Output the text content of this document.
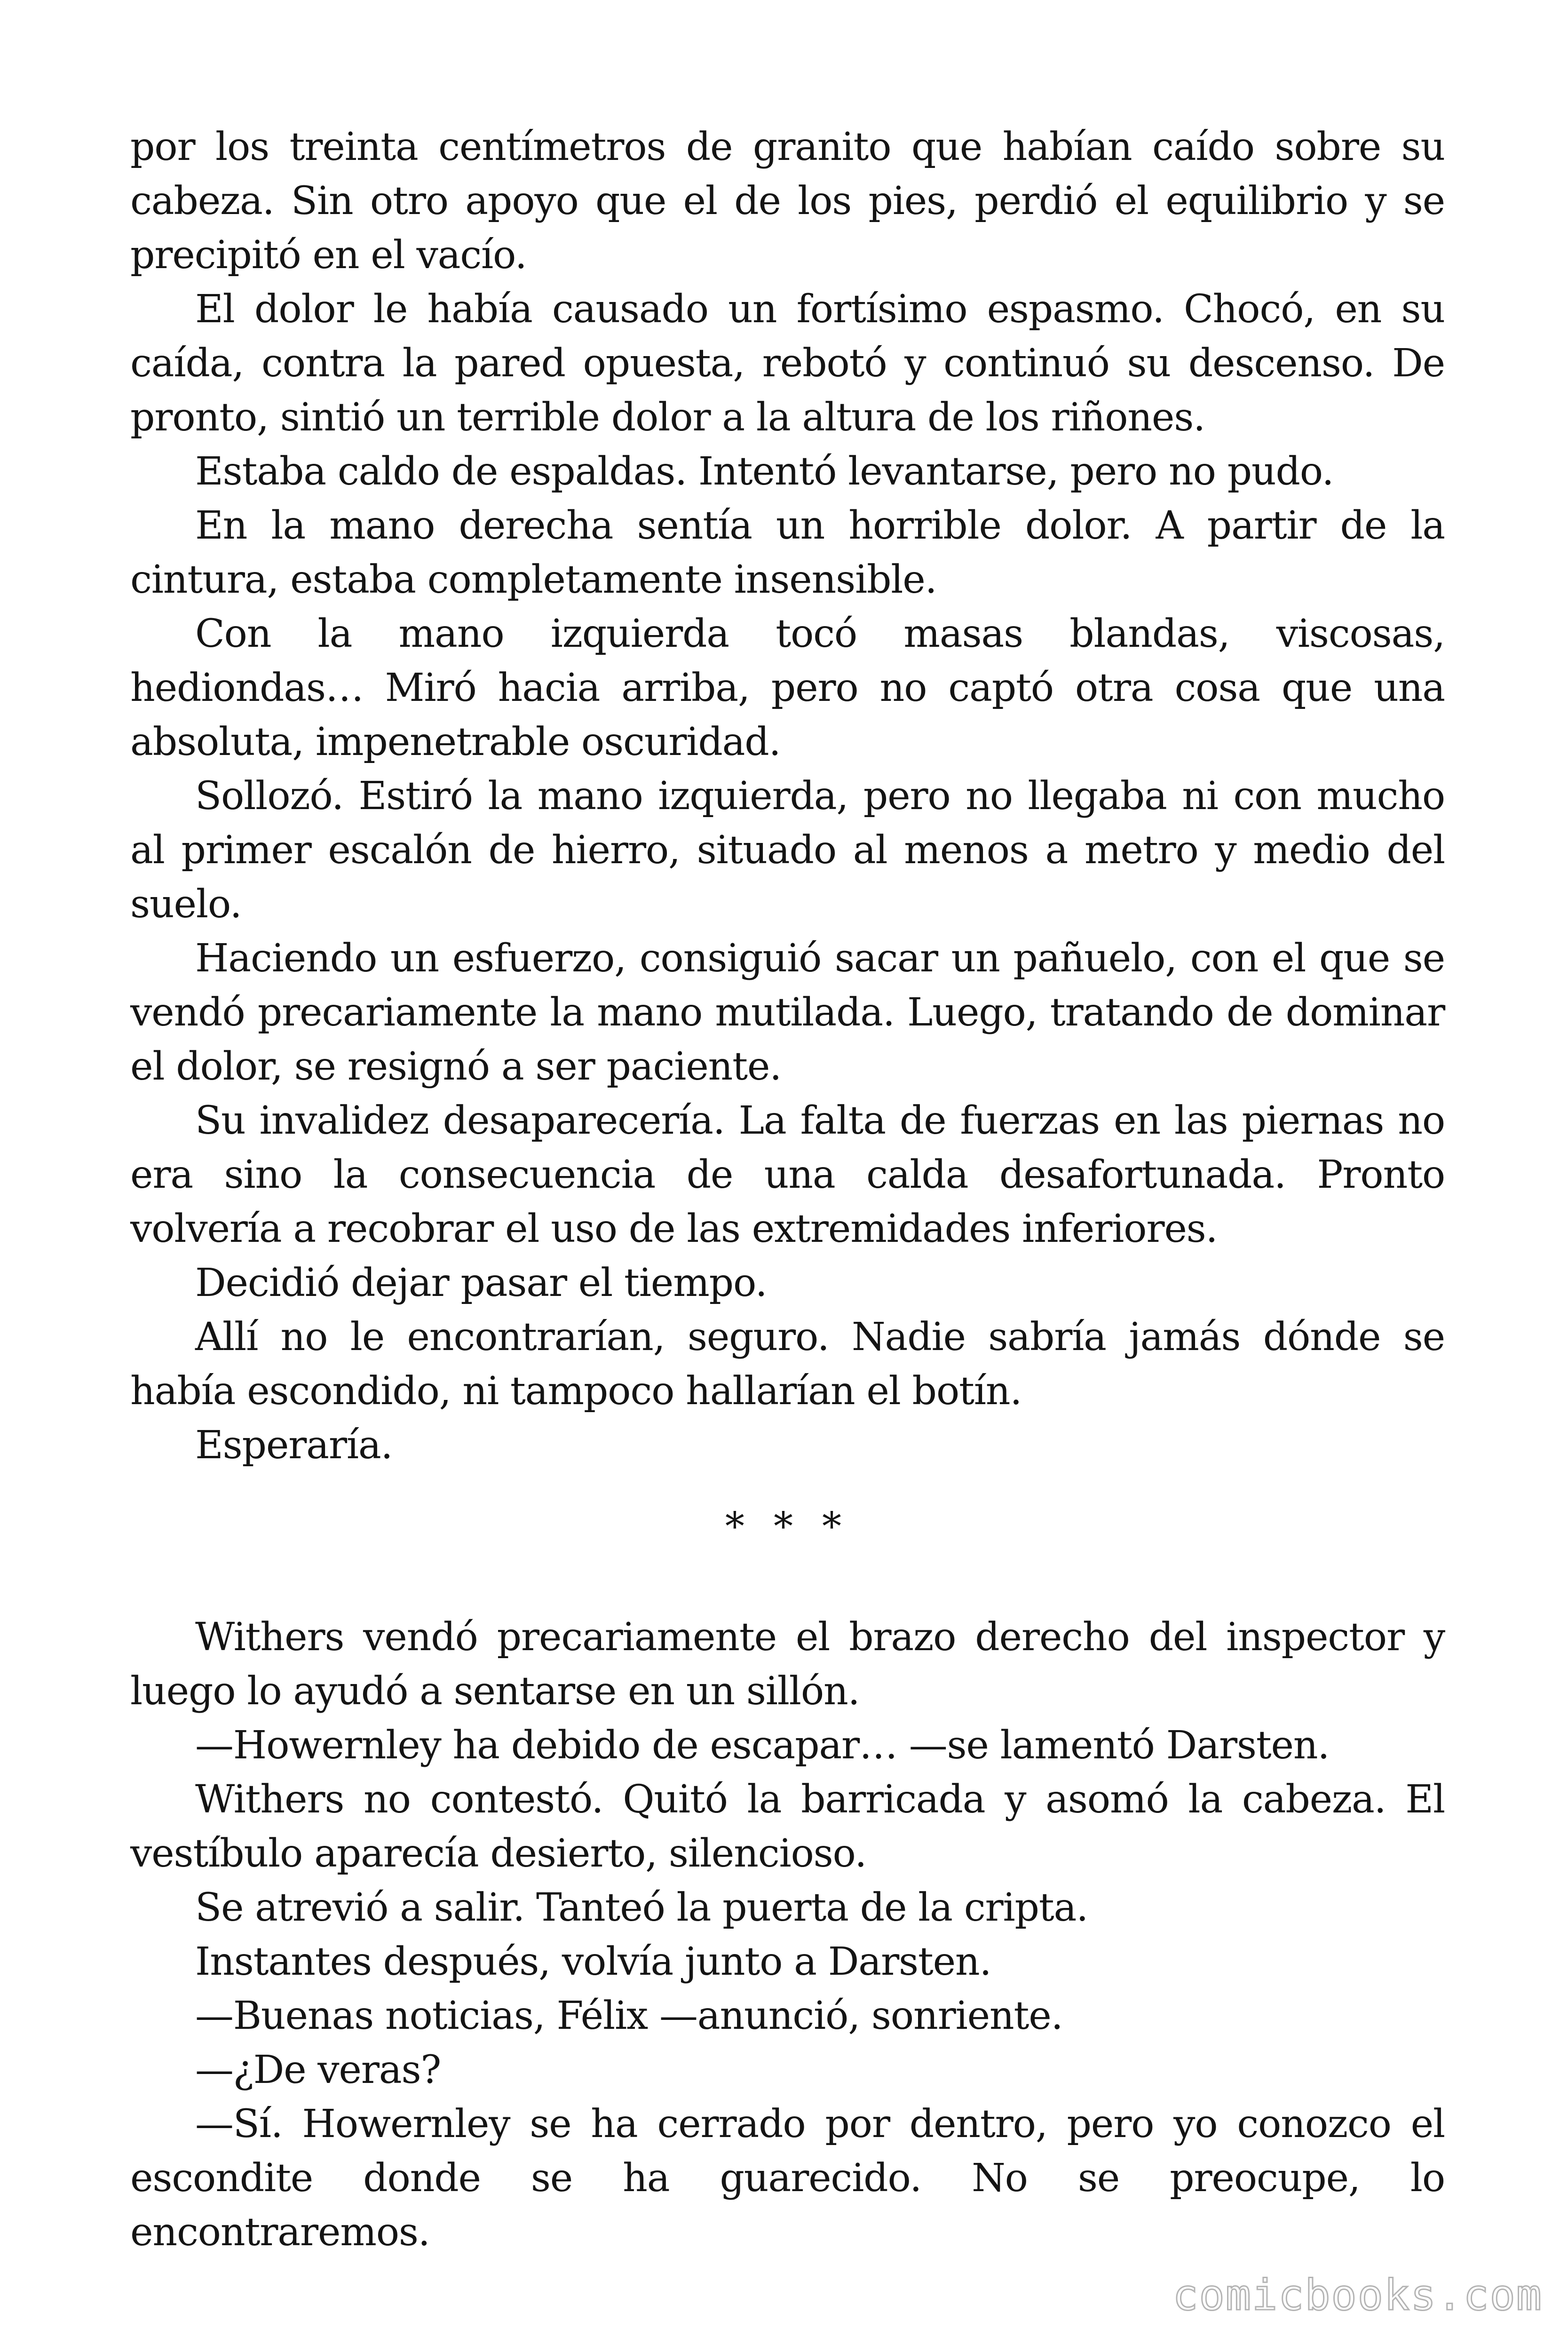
por los treinta centímetros de granito que habían caído sobre su cabeza. Sin otro apoyo que el de los pies, perdió el equilibrio y se precipitó en el vacío.

El dolor le había causado un fortísimo espasmo. Chocó, en su caída, contra la pared opuesta, rebotó y continuó su descenso. De pronto, sintió un terrible dolor a la altura de los riñones.

Estaba caldo de espaldas. Intentó levantarse, pero no pudo.

En la mano derecha sentía un horrible dolor. A partir de la cintura, estaba completamente insensible.

Con la mano izquierda tocó masas blandas, viscosas, hediondas… Miró hacia arriba, pero no captó otra cosa que una absoluta, impenetrable oscuridad.

Sollozó. Estiró la mano izquierda, pero no llegaba ni con mucho al primer escalón de hierro, situado al menos a metro y medio del suelo.

Haciendo un esfuerzo, consiguió sacar un pañuelo, con el que se vendó precariamente la mano mutilada. Luego, tratando de dominar el dolor, se resignó a ser paciente.

Su invalidez desaparecería. La falta de fuerzas en las piernas no era sino la consecuencia de una calda desafortunada. Pronto volvería a recobrar el uso de las extremidades inferiores.

Decidió dejar pasar el tiempo.

Allí no le encontrarían, seguro. Nadie sabría jamás dónde se había escondido, ni tampoco hallarían el botín.

Esperaría.

* * *

Withers vendó precariamente el brazo derecho del inspector y luego lo ayudó a sentarse en un sillón.

—Howernley ha debido de escapar… —se lamentó Darsten.

Withers no contestó. Quitó la barricada y asomó la cabeza. El vestíbulo aparecía desierto, silencioso.

Se atrevió a salir. Tanteó la puerta de la cripta.

Instantes después, volvía junto a Darsten.

—Buenas noticias, Félix —anunció, sonriente.

—¿De veras?

—Sí. Howernley se ha cerrado por dentro, pero yo conozco el escondite donde se ha guarecido. No se preocupe, lo encontraremos.

comicbooks.com
